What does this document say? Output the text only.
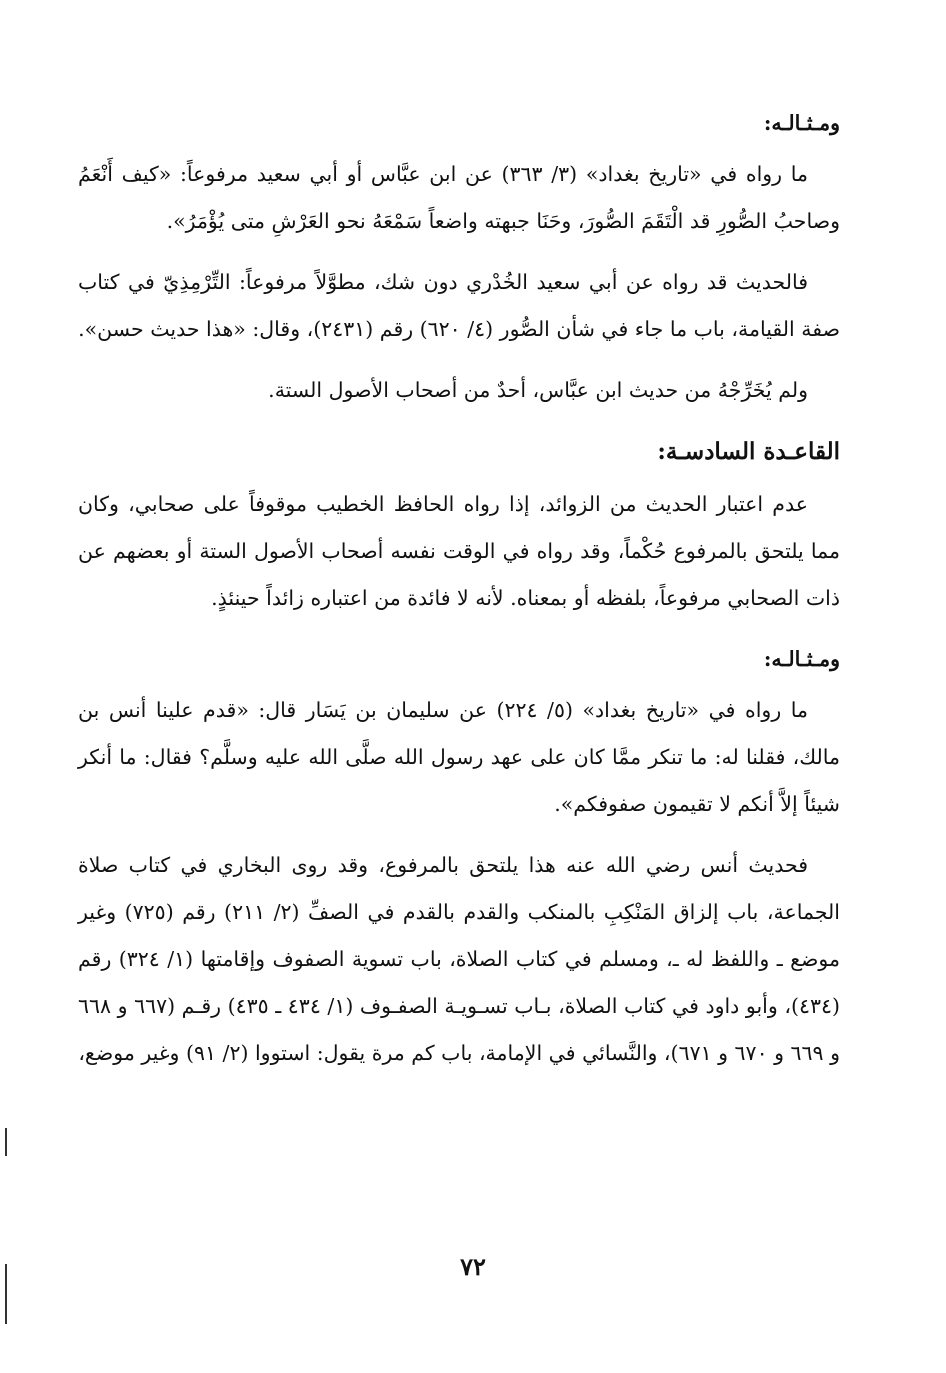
ومـثـالـه:

ما رواه في «تاريخ بغداد» (٣/ ٣٦٣) عن ابن عبَّاس أو أبي سعيد مرفوعاً: «كيف أَنْعَمُ وصاحبُ الصُّورِ قد الْتَقَمَ الصُّورَ، وحَنَا جبهته واضعاً سَمْعَهُ نحو العَرْشِ متى يُؤْمَرُ».

فالحديث قد رواه عن أبي سعيد الخُدْري دون شك، مطوَّلاً مرفوعاً: التِّرْمِذِيّ في كتاب صفة القيامة، باب ما جاء في شأن الصُّور (٤/ ٦٢٠) رقم (٢٤٣١)، وقال: «هذا حديث حسن».

ولم يُخَرِّجْهُ من حديث ابن عبَّاس، أحدٌ من أصحاب الأصول الستة.

القاعـدة السادسـة:

عدم اعتبار الحديث من الزوائد، إذا رواه الحافظ الخطيب موقوفاً على صحابي، وكان مما يلتحق بالمرفوع حُكْماً، وقد رواه في الوقت نفسه أصحاب الأصول الستة أو بعضهم عن ذات الصحابي مرفوعاً، بلفظه أو بمعناه. لأنه لا فائدة من اعتباره زائداً حينئذٍ.

ومـثـالـه:

ما رواه في «تاريخ بغداد» (٥/ ٢٢٤) عن سليمان بن يَسَار قال: «قدم علينا أنس بن مالك، فقلنا له: ما تنكر ممَّا كان على عهد رسول الله صلَّى الله عليه وسلَّم؟ فقال: ما أنكر شيئاً إلاَّ أنكم لا تقيمون صفوفكم».

فحديث أنس رضي الله عنه هذا يلتحق بالمرفوع، وقد روى البخاري في كتاب صلاة الجماعة، باب إلزاق المَنْكِبِ بالمنكب والقدم بالقدم في الصفِّ (٢/ ٢١١) رقم (٧٢٥) وغير موضع ـ واللفظ له ـ، ومسلم في كتاب الصلاة، باب تسوية الصفوف وإقامتها (١/ ٣٢٤) رقم (٤٣٤)، وأبو داود في كتاب الصلاة، بـاب تسـويـة الصفـوف (١/ ٤٣٤ ـ ٤٣٥) رقـم (٦٦٧ و ٦٦٨ و ٦٦٩ و ٦٧٠ و ٦٧١)، والنَّسائي في الإمامة، باب كم مرة يقول: استووا (٢/ ٩١) وغير موضع،

٧٢
